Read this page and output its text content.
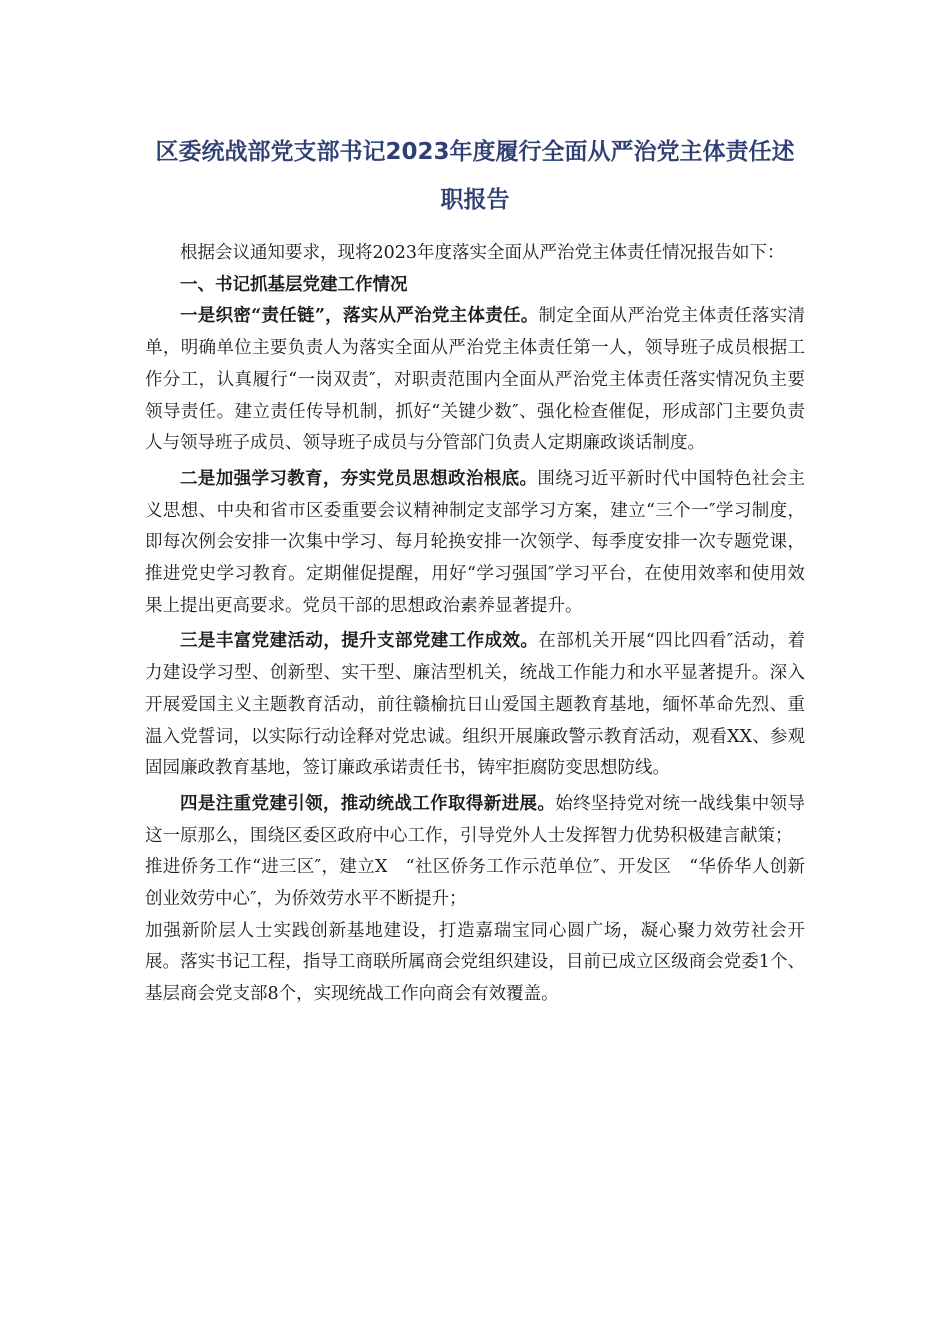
区委统战部党支部书记2023年度履行全面从严治党主体责任述
职报告

根据会议通知要求，现将2023年度落实全面从严治党主体责任情况报告如下：

一、书记抓基层党建工作情况

一是织密“责任链”，落实从严治党主体责任。制定全面从严治党主体责任落实清单，明确单位主要负责人为落实全面从严治党主体责任第一人，领导班子成员根据工作分工，认真履行“一岗双责″，对职责范围内全面从严治党主体责任落实情况负主要领导责任。建立责任传导机制，抓好“关键少数″、强化检查催促，形成部门主要负责人与领导班子成员、领导班子成员与分管部门负责人定期廉政谈话制度。

二是加强学习教育，夯实党员思想政治根底。围绕习近平新时代中国特色社会主义思想、中央和省市区委重要会议精神制定支部学习方案，建立“三个一″学习制度，即每次例会安排一次集中学习、每月轮换安排一次领学、每季度安排一次专题党课，推进党史学习教育。定期催促提醒，用好“学习强国″学习平台，在使用效率和使用效果上提出更高要求。党员干部的思想政治素养显著提升。

三是丰富党建活动，提升支部党建工作成效。在部机关开展“四比四看″活动，着力建设学习型、创新型、实干型、廉洁型机关，统战工作能力和水平显著提升。深入开展爱国主义主题教育活动，前往赣榆抗日山爱国主题教育基地，缅怀革命先烈、重温入党誓词，以实际行动诠释对党忠诚。组织开展廉政警示教育活动，观看XX、参观固园廉政教育基地，签订廉政承诺责任书，铸牢拒腐防变思想防线。

四是注重党建引领，推动统战工作取得新进展。始终坚持党对统一战线集中领导这一原那么，围绕区委区政府中心工作，引导党外人士发挥智力优势积极建言献策；

推进侨务工作“进三区″，建立X　“社区侨务工作示范单位″、开发区　“华侨华人创新创业效劳中心″，为侨效劳水平不断提升；

加强新阶层人士实践创新基地建设，打造嘉瑞宝同心圆广场，凝心聚力效劳社会开展。落实书记工程，指导工商联所属商会党组织建设，目前已成立区级商会党委1个、基层商会党支部8个，实现统战工作向商会有效覆盖。
